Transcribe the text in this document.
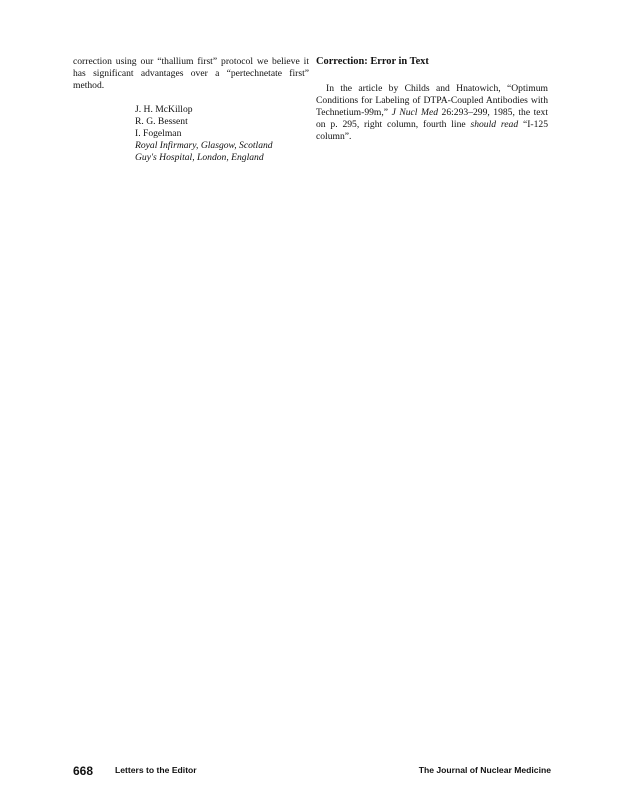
correction using our “thallium first” protocol we believe it has significant advantages over a “pertechnetate first” method.

J. H. McKillop
R. G. Bessent
I. Fogelman
Royal Infirmary, Glasgow, Scotland
Guy's Hospital, London, England
Correction: Error in Text

In the article by Childs and Hnatowich, “Optimum Conditions for Labeling of DTPA-Coupled Antibodies with Technetium-99m,” J Nucl Med 26:293–299, 1985, the text on p. 295, right column, fourth line should read “I-125 column”.

668	Letters to the Editor	The Journal of Nuclear Medicine
